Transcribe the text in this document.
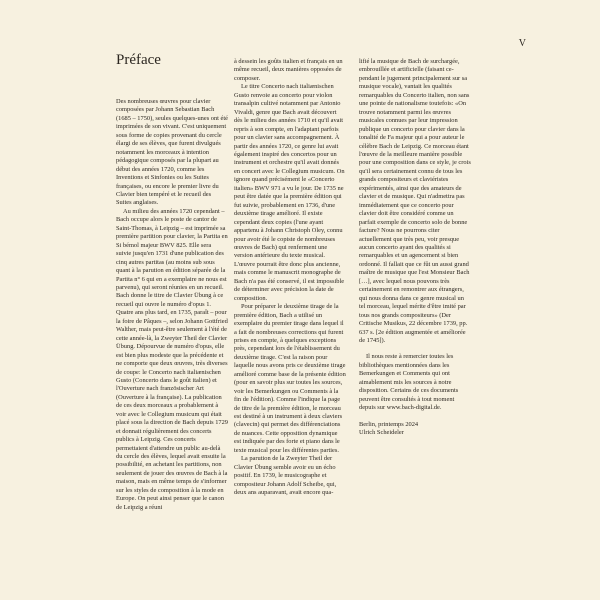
V
Préface

Des nombreuses œuvres pour clavier composées par Johann Sebastian Bach (1685 – 1750), seules quelques-unes ont été imprimées de son vivant. C'est uniquement sous forme de copies provenant du cercle élargi de ses élèves, que furent divulgués notamment les morceaux à intention pédagogique composés par la plupart au début des années 1720, comme les Inventions et Sinfonies ou les Suites françaises, ou encore le premier livre du Clavier bien tempéré et le recueil des Suites anglaises.

Au milieu des années 1720 cependant – Bach occupe alors le poste de cantor de Saint-Thomas, à Leipzig – est imprimée sa première partition pour clavier, la Partita en Si bémol majeur BWV 825. Elle sera suivie jusqu'en 1731 d'une publication des cinq autres partitas (au moins sub sous quant à la parution en édition séparée de la Partita n° 6 qui en a exemplaire ne nous est parvenu), qui seront réunies en un recueil. Bach donne le titre de Clavier Übung à ce recueil qui ouvre le numéro d'opus 1. Quatre ans plus tard, en 1735, paraît – pour la foire de Pâques –, selon Johann Gottfried Walther, mais peut-être seulement à l'été de cette année-là, la Zweyter Theil der Clavier Übung. Dépourvue de numéro d'opus, elle est bien plus modeste que la précédente et ne comporte que deux œuvres, très diverses de coupe: le Concerto nach italiænischen Gusto (Concerto dans le goût italien) et l'Ouverture nach französischer Art (Ouverture à la française). La publication de ces deux morceaux a probablement à voir avec le Collegium musicum qui était placé sous la direction de Bach depuis 1729 et donnait régulièrement des concerts publics à Leipzig. Ces concerts permettaient d'attendre un public au-delà du cercle des élèves, lequel avait ensuite la possibilité, en achetant les partitions, non seulement de jouer des œuvres de Bach à la maison, mais en même temps de s'informer sur les styles de composition à la mode en Europe. On peut ainsi penser que le canon de Leipzig a réuni

à dessein les goûts italien et français en un même recueil, deux manières opposées de composer.

Le titre Concerto nach italiænischen Gusto renvoie au concerto pour violon transalpin cultivé notamment par Antonio Vivaldi, genre que Bach avait découvert dès le milieu des années 1710 et qu'il avait repris à son compte, en l'adaptant parfois pour un clavier sans accompagnement. À partir des années 1720, ce genre lui avait également inspiré des concertos pour un instrument et orchestre qu'il avait donnés en concert avec le Collegium musicum. On ignore quand précisément le «Concerto italien» BWV 971 a vu le jour. De 1735 ne peut être datée que la première édition qui fut suivie, probablement en 1736, d'une deuxième tirage amélioré. Il existe cependant deux copies (l'une ayant appartenu à Johann Christoph Oley, connu pour avoir été le copiste de nombreuses œuvres de Bach) qui renferment une version antérieure du texte musical. L'œuvre pourrait être donc plus ancienne, mais comme le manuscrit monographe de Bach n'a pas été conservé, il est impossible de déterminer avec précision la date de composition.

Pour préparer le deuxième tirage de la première édition, Bach a utilisé un exemplaire du premier tirage dans lequel il a fait de nombreuses corrections qui furent prises en compte, à quelques exceptions près, cependant lors de l'établissement du deuxième tirage. C'est la raison pour laquelle nous avons pris ce deuxième tirage amélioré comme base de la présente édition (pour en savoir plus sur toutes les sources, voir les Bemerkungen ou Comments à la fin de l'édition). Comme l'indique la page de titre de la première édition, le morceau est destiné à un instrument à deux claviers (clavecin) qui permet des différenciations de nuances. Cette opposition dynamique est indiquée par des forte et piano dans le texte musical pour les différentes parties.

La parution de la Zweyter Theil der Clavier Übung semble avoir eu un écho positif. En 1739, le musicographe et compositeur Johann Adolf Scheibe, qui, deux ans auparavant, avait encore qua-

lifié la musique de Bach de surchargée, embrouillée et artificielle (faisant ce-pendant le jugement principalement sur sa musique vocale), vantait les qualités remarquables du Concerto italien, non sans une pointe de nationalisme toutefois: «On trouve notamment parmi les œuvres musicales connues par leur impression publique un concerto pour clavier dans la tonalité de Fa majeur qui a pour auteur le célèbre Bach de Leipzig. Ce morceau étant l'œuvre de la meilleure manière possible pour une composition dans ce style, je crois qu'il sera certainement connu de tous les grands compositeurs et claviéristes expérimentés, ainsi que des amateurs de clavier et de musique. Qui n'admettra pas immédiatement que ce concerto pour clavier doit être considéré comme un parfait exemple de concerto solo de bonne facture? Nous ne pourrons citer actuellement que très peu, voir presque aucun concerto ayant des qualités si remarquables et un agencement si bien ordonné. Il fallait que ce fût un aussi grand maître de musique que l'est Monsieur Bach […], avec lequel nous pouvons très certainement en remontrer aux étrangers, qui nous donna dans ce genre musical un tel morceau, lequel mérite d'être imité par tous nos grands compositeurs» (Der Critische Musikus, 22 décembre 1739, pp. 637 s. [2e édition augmentée et améliorée de 1745]).

Il nous reste à remercier toutes les bibliothèques mentionnées dans les Bemerkungen et Comments qui ont aimablement mis les sources à notre disposition. Certains de ces documents peuvent être consultés à tout moment depuis sur www.bach-digital.de.

Berlin, printemps 2024

Ulrich Scheideler
